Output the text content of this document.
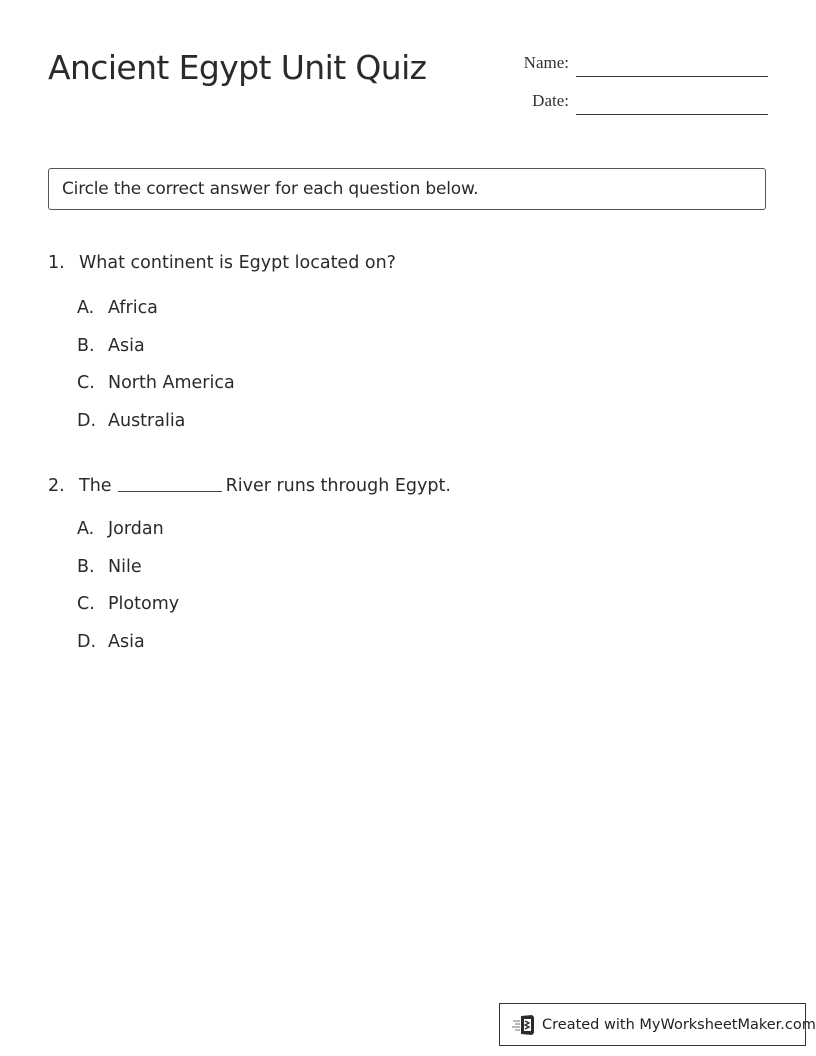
Ancient Egypt Unit Quiz	Name:
Date:
Circle the correct answer for each question below.
1. What continent is Egypt located on?
A. Africa
B. Asia
C. North America
D. Australia
2. The	River runs through Egypt.
A. Jordan
B. Nile
C. Plotomy
D. Asia
Created with MyWorksheetMaker.com
